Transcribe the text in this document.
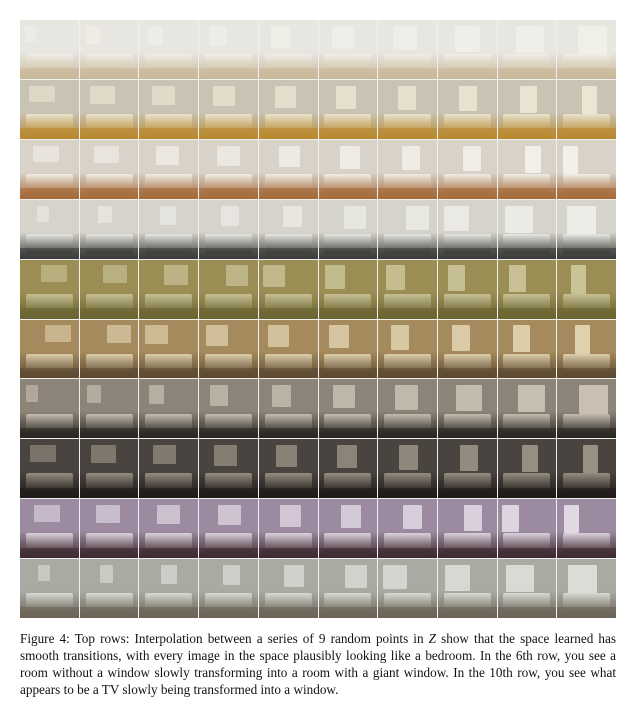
Figure 4: Top rows: Interpolation between a series of 9 random points in Z show that the space learned has smooth transitions, with every image in the space plausibly looking like a bedroom. In the 6th row, you see a room without a window slowly transforming into a room with a giant window. In the 10th row, you see what appears to be a TV slowly being transformed into a window.
